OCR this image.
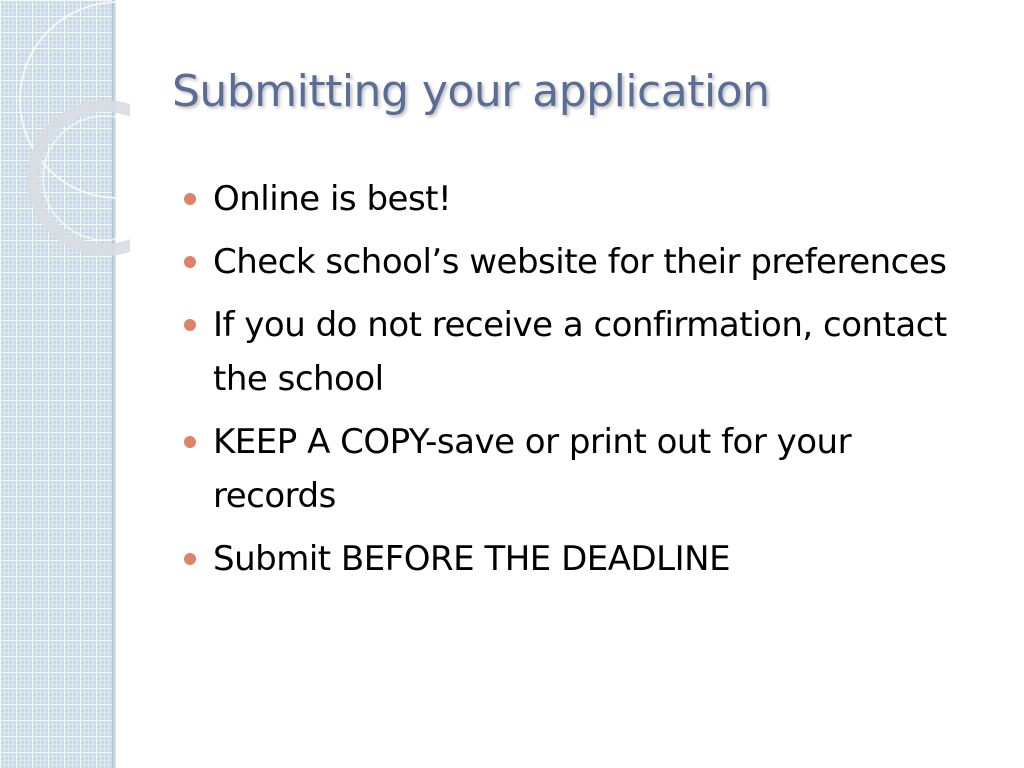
Submitting your application
Online is best!
Check school’s website for their preferences
If you do not receive a confirmation, contact the school
KEEP A COPY-save or print out for your records
Submit BEFORE THE DEADLINE
